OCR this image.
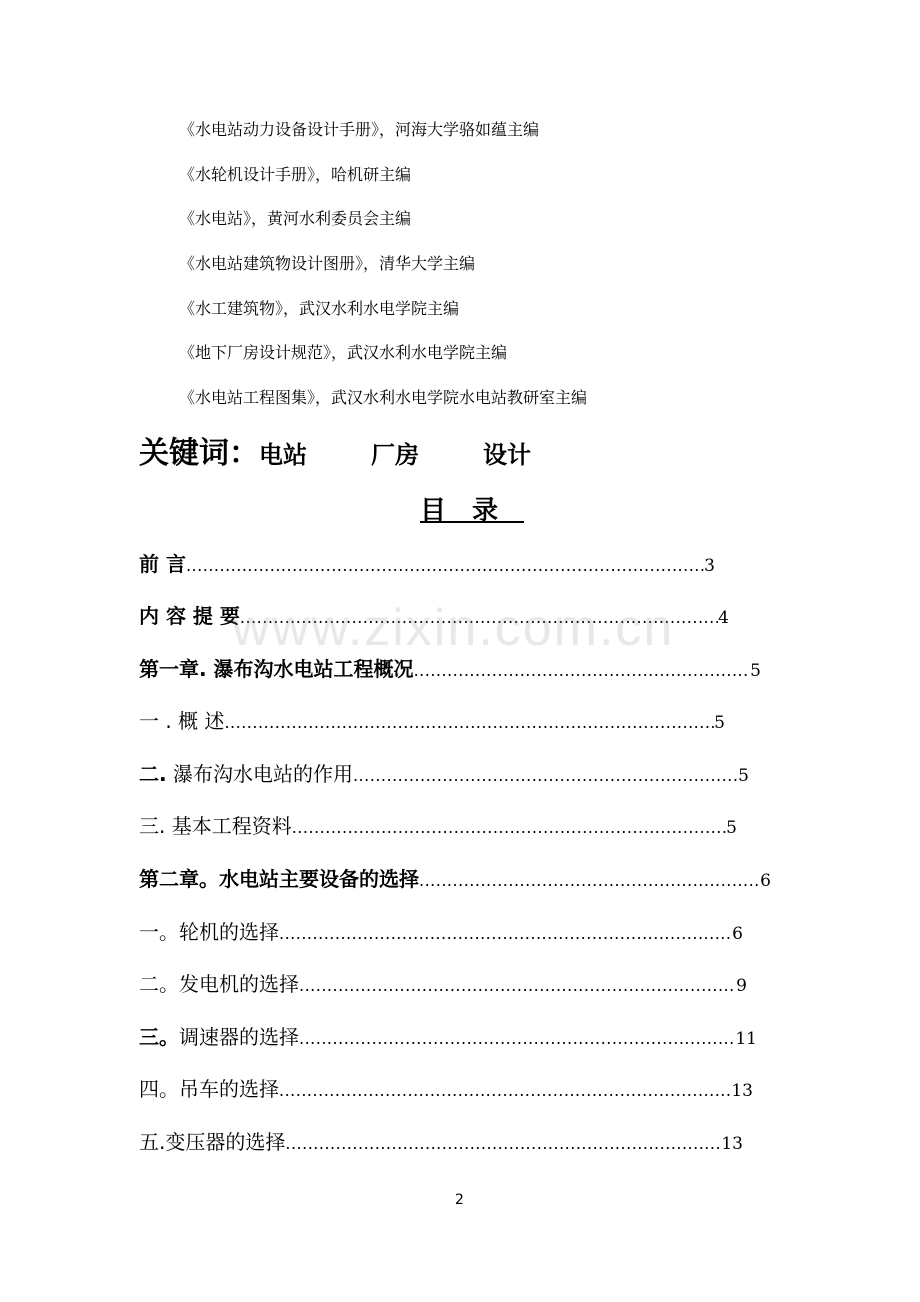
《水电站动力设备设计手册》，河海大学骆如蕴主编
《水轮机设计手册》，哈机研主编
《水电站》，黄河水利委员会主编
《水电站建筑物设计图册》，清华大学主编
《水工建筑物》，武汉水利水电学院主编
《地下厂房设计规范》，武汉水利水电学院主编
《水电站工程图集》，武汉水利水电学院水电站教研室主编
关键词：电站	厂房	设计
目录
前 言 .....	3
内 容 提 要 .....	4
第一章. 瀑布沟水电站工程概况 .....	5
一 . 概 述 .....	5
二. 瀑布沟水电站的作用 .....	5
三. 基本工程资料 .....	5
第二章。水电站主要设备的选择 .....	6
一。轮机的选择 .....	6
二。发电机的选择 .....	9
三。调速器的选择 .....	11
四。吊车的选择 .....	13
五.变压器的选择 .....	13
www.zixin.com.cn
2
